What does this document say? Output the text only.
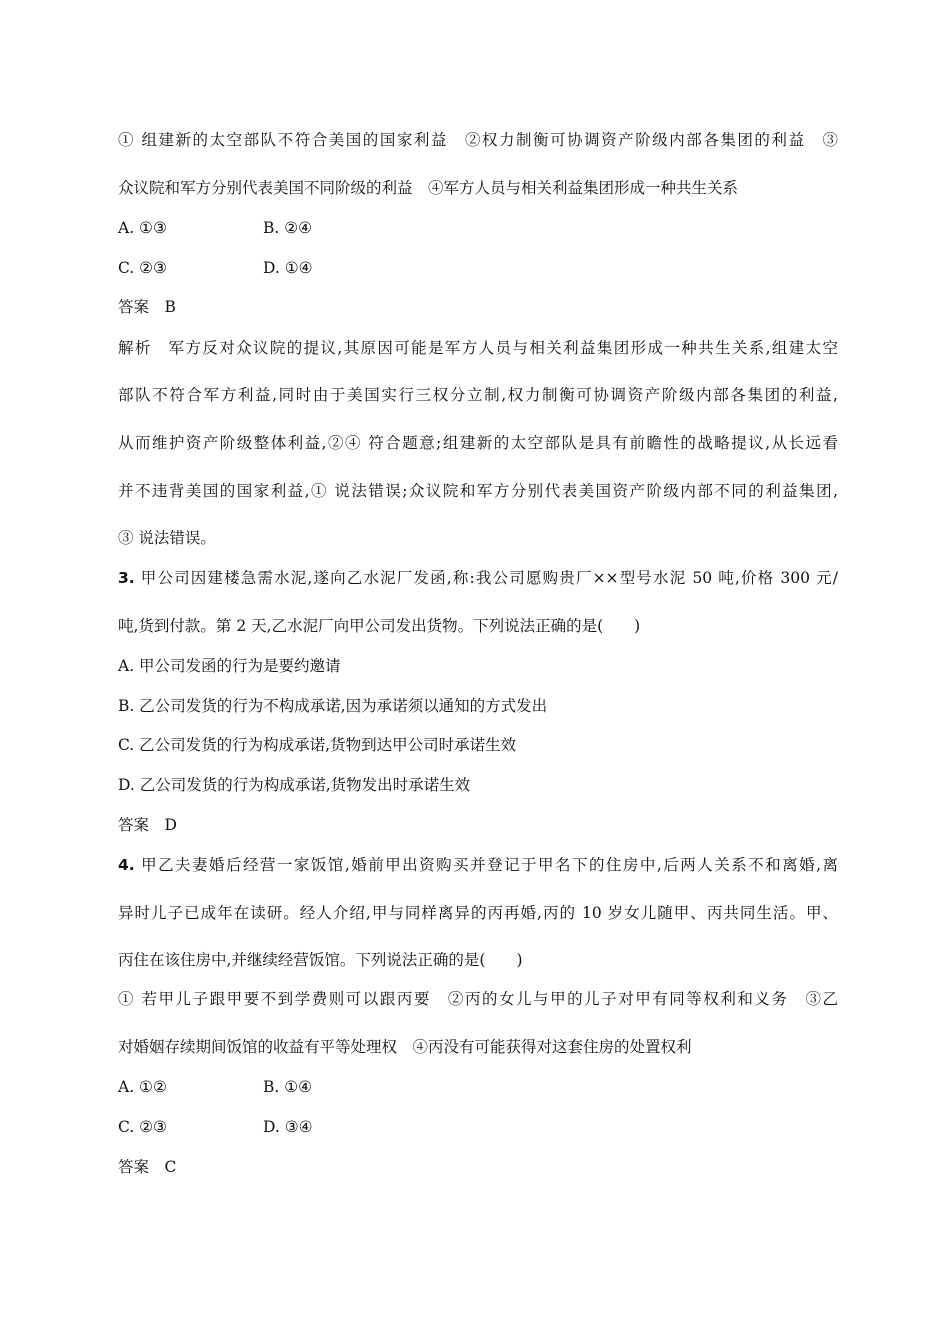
① 组建新的太空部队不符合美国的国家利益　②权力制衡可协调资产阶级内部各集团的利益　③
众议院和军方分别代表美国不同阶级的利益　④军方人员与相关利益集团形成一种共生关系
A. ①③	B. ②④
C. ②③	D. ①④
答案　B
解析　军方反对众议院的提议,其原因可能是军方人员与相关利益集团形成一种共生关系,组建太空
部队不符合军方利益,同时由于美国实行三权分立制,权力制衡可协调资产阶级内部各集团的利益,
从而维护资产阶级整体利益,②④ 符合题意;组建新的太空部队是具有前瞻性的战略提议,从长远看
并不违背美国的国家利益,① 说法错误;众议院和军方分别代表美国资产阶级内部不同的利益集团,
③ 说法错误。
3. 甲公司因建楼急需水泥,遂向乙水泥厂发函,称:我公司愿购贵厂××型号水泥 50 吨,价格 300 元/
吨,货到付款。第 2 天,乙水泥厂向甲公司发出货物。下列说法正确的是(　　)
A. 甲公司发函的行为是要约邀请
B. 乙公司发货的行为不构成承诺,因为承诺须以通知的方式发出
C. 乙公司发货的行为构成承诺,货物到达甲公司时承诺生效
D. 乙公司发货的行为构成承诺,货物发出时承诺生效
答案　D
4. 甲乙夫妻婚后经营一家饭馆,婚前甲出资购买并登记于甲名下的住房中,后两人关系不和离婚,离
异时儿子已成年在读研。经人介绍,甲与同样离异的丙再婚,丙的 10 岁女儿随甲、丙共同生活。甲、
丙住在该住房中,并继续经营饭馆。下列说法正确的是(　　)
① 若甲儿子跟甲要不到学费则可以跟丙要　②丙的女儿与甲的儿子对甲有同等权利和义务　③乙
对婚姻存续期间饭馆的收益有平等处理权　④丙没有可能获得对这套住房的处置权利
A. ①②	B. ①④
C. ②③	D. ③④
答案　C
